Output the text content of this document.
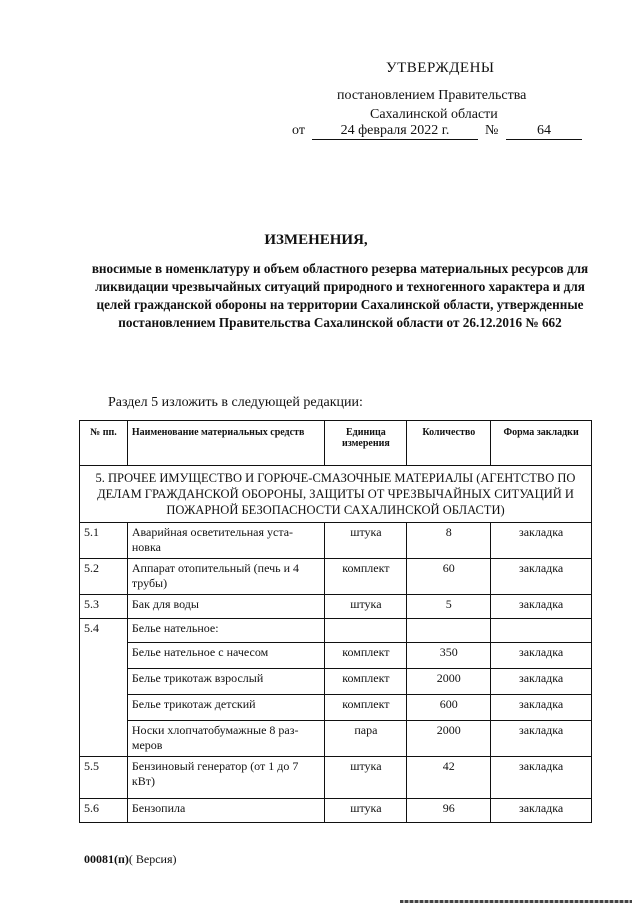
УТВЕРЖДЕНЫ
постановлением Правительства
Сахалинской области
от	24 февраля 2022 г.	№	64
ИЗМЕНЕНИЯ,
вносимые в номенклатуру и объем областного резерва материальных ресурсов для ликвидации чрезвычайных ситуаций природного и техногенного характера и для целей гражданской обороны на территории Сахалинской области, утвержденные постановлением Правительства Сахалинской области от 26.12.2016 № 662
Раздел 5 изложить в следующей редакции:
№ пп.	Наименование материальных средств	Единица измерения	Количество	Форма закладки
5. ПРОЧЕЕ ИМУЩЕСТВО И ГОРЮЧЕ-СМАЗОЧНЫЕ МАТЕРИАЛЫ (АГЕНТСТВО ПО ДЕЛАМ ГРАЖДАНСКОЙ ОБОРОНЫ, ЗАЩИТЫ ОТ ЧРЕЗВЫЧАЙНЫХ СИТУАЦИЙ И ПОЖАРНОЙ БЕЗОПАСНОСТИ САХАЛИНСКОЙ ОБЛАСТИ)				
5.1	Аварийная осветительная уста-новка	штука	8	закладка
5.2	Аппарат отопительный (печь и 4 трубы)	комплект	60	закладка
5.3	Бак для воды	штука	5	закладка
5.4	Белье нательное:			
	Белье нательное с начесом	комплект	350	закладка
	Белье трикотаж взрослый	комплект	2000	закладка
	Белье трикотаж детский	комплект	600	закладка
	Носки хлопчатобумажные 8 раз-меров	пара	2000	закладка
5.5	Бензиновый генератор (от 1 до 7 кВт)	штука	42	закладка
5.6	Бензопила	штука	96	закладка
00081(п)( Версия)
